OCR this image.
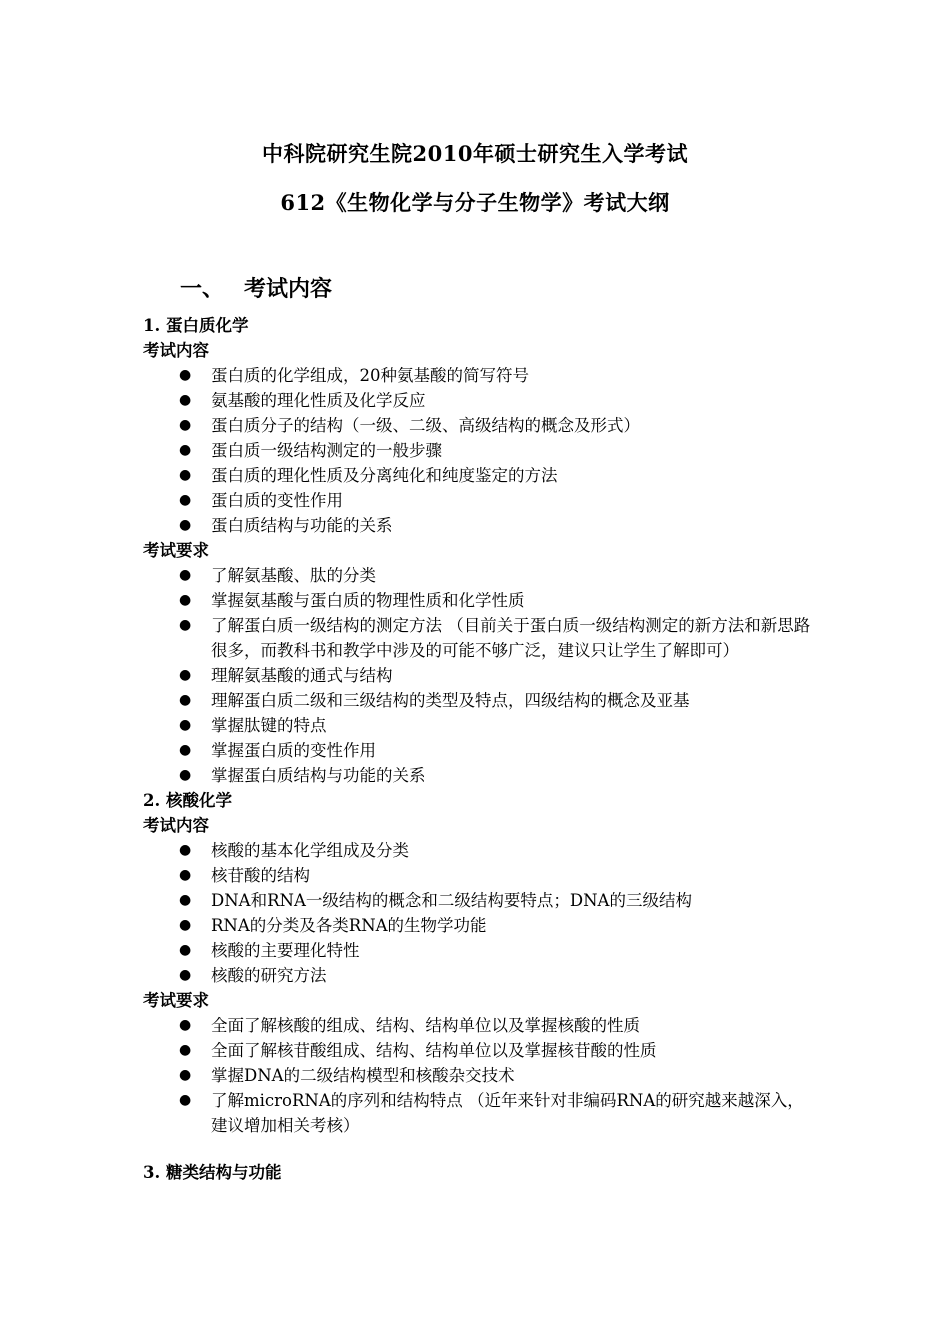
中科院研究生院2010年硕士研究生入学考试
612《生物化学与分子生物学》考试大纲
一、 考试内容
1. 蛋白质化学
考试内容
● 蛋白质的化学组成，20种氨基酸的简写符号
● 氨基酸的理化性质及化学反应
● 蛋白质分子的结构（一级、二级、高级结构的概念及形式）
● 蛋白质一级结构测定的一般步骤
● 蛋白质的理化性质及分离纯化和纯度鉴定的方法
● 蛋白质的变性作用
● 蛋白质结构与功能的关系
考试要求
● 了解氨基酸、肽的分类
● 掌握氨基酸与蛋白质的物理性质和化学性质
● 了解蛋白质一级结构的测定方法 （目前关于蛋白质一级结构测定的新方法和新思路很多，而教科书和教学中涉及的可能不够广泛，建议只让学生了解即可）
● 理解氨基酸的通式与结构
● 理解蛋白质二级和三级结构的类型及特点，四级结构的概念及亚基
● 掌握肽键的特点
● 掌握蛋白质的变性作用
● 掌握蛋白质结构与功能的关系
2. 核酸化学
考试内容
● 核酸的基本化学组成及分类
● 核苷酸的结构
● DNA和RNA一级结构的概念和二级结构要特点；DNA的三级结构
● RNA的分类及各类RNA的生物学功能
● 核酸的主要理化特性
● 核酸的研究方法
考试要求
● 全面了解核酸的组成、结构、结构单位以及掌握核酸的性质
● 全面了解核苷酸组成、结构、结构单位以及掌握核苷酸的性质
● 掌握DNA的二级结构模型和核酸杂交技术
● 了解microRNA的序列和结构特点 （近年来针对非编码RNA的研究越来越深入，建议增加相关考核）
3. 糖类结构与功能
